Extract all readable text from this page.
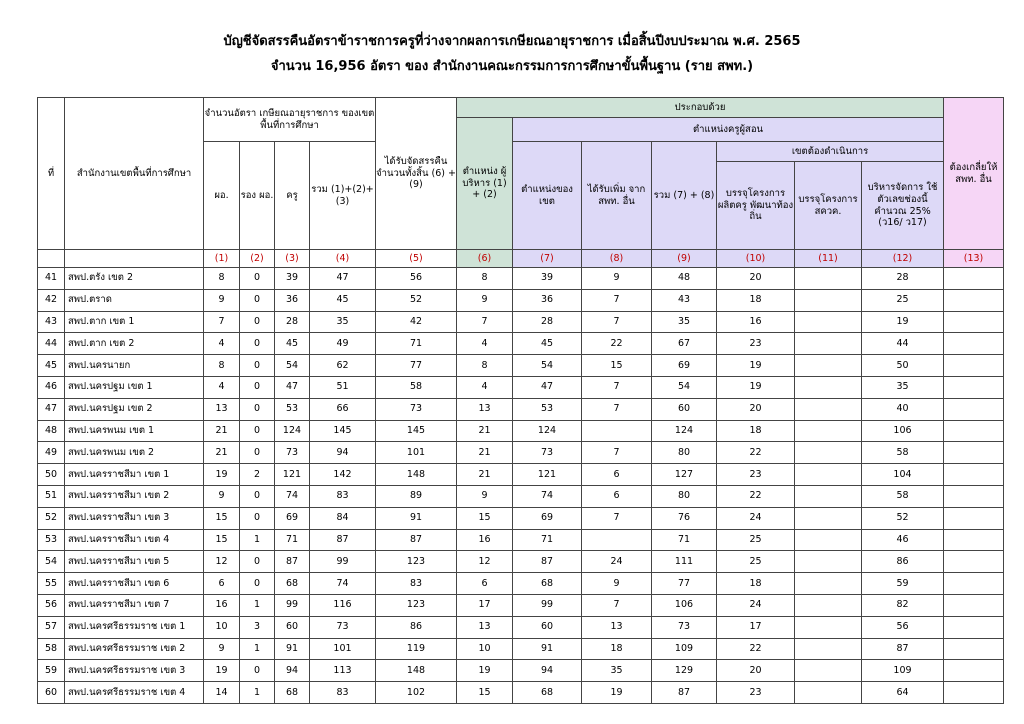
บัญชีจัดสรรคืนอัตราข้าราชการครูที่ว่างจากผลการเกษียณอายุราชการ เมื่อสิ้นปีงบประมาณ พ.ศ. 2565
จำนวน 16,956 อัตรา ของ สำนักงานคณะกรรมการการศึกษาขั้นพื้นฐาน (ราย สพท.)
ที่	สำนักงานเขตพื้นที่การศึกษา	จำนวนอัตรา เกษียณอายุราชการ ของเขตพื้นที่การศึกษา				ได้รับจัดสรรคืน จำนวนทั้งสิ้น (6) + (9)	ประกอบด้วย							ต้องเกลี่ยให้ สพท. อื่น
							ตำแหน่ง ผู้บริหาร (1) + (2)	ตำแหน่งครูผู้สอน						
		ผอ.	รอง ผอ.	ครู	รวม (1)+(2)+(3)			ตำแหน่งของ เขต	ได้รับเพิ่ม จาก สพท. อื่น	รวม (7) + (8)	เขตต้องดำเนินการ			
											บรรจุโครงการ ผลิตครู พัฒนาท้องถิ่น	บรรจุโครงการ สควค.	บริหารจัดการ ใช้ตัวเลขช่องนี้ คำนวณ 25% (ว16/ ว17)	
		(1)	(2)	(3)	(4)	(5)	(6)	(7)	(8)	(9)	(10)	(11)	(12)	(13)
41	สพป.ตรัง เขต 2	8	0	39	47	56	8	39	9	48	20		28	
42	สพป.ตราด	9	0	36	45	52	9	36	7	43	18		25	
43	สพป.ตาก เขต 1	7	0	28	35	42	7	28	7	35	16		19	
44	สพป.ตาก เขต 2	4	0	45	49	71	4	45	22	67	23		44	
45	สพป.นครนายก	8	0	54	62	77	8	54	15	69	19		50	
46	สพป.นครปฐม เขต 1	4	0	47	51	58	4	47	7	54	19		35	
47	สพป.นครปฐม เขต 2	13	0	53	66	73	13	53	7	60	20		40	
48	สพป.นครพนม เขต 1	21	0	124	145	145	21	124		124	18		106	
49	สพป.นครพนม เขต 2	21	0	73	94	101	21	73	7	80	22		58	
50	สพป.นครราชสีมา เขต 1	19	2	121	142	148	21	121	6	127	23		104	
51	สพป.นครราชสีมา เขต 2	9	0	74	83	89	9	74	6	80	22		58	
52	สพป.นครราชสีมา เขต 3	15	0	69	84	91	15	69	7	76	24		52	
53	สพป.นครราชสีมา เขต 4	15	1	71	87	87	16	71		71	25		46	
54	สพป.นครราชสีมา เขต 5	12	0	87	99	123	12	87	24	111	25		86	
55	สพป.นครราชสีมา เขต 6	6	0	68	74	83	6	68	9	77	18		59	
56	สพป.นครราชสีมา เขต 7	16	1	99	116	123	17	99	7	106	24		82	
57	สพป.นครศรีธรรมราช เขต 1	10	3	60	73	86	13	60	13	73	17		56	
58	สพป.นครศรีธรรมราช เขต 2	9	1	91	101	119	10	91	18	109	22		87	
59	สพป.นครศรีธรรมราช เขต 3	19	0	94	113	148	19	94	35	129	20		109	
60	สพป.นครศรีธรรมราช เขต 4	14	1	68	83	102	15	68	19	87	23		64	
